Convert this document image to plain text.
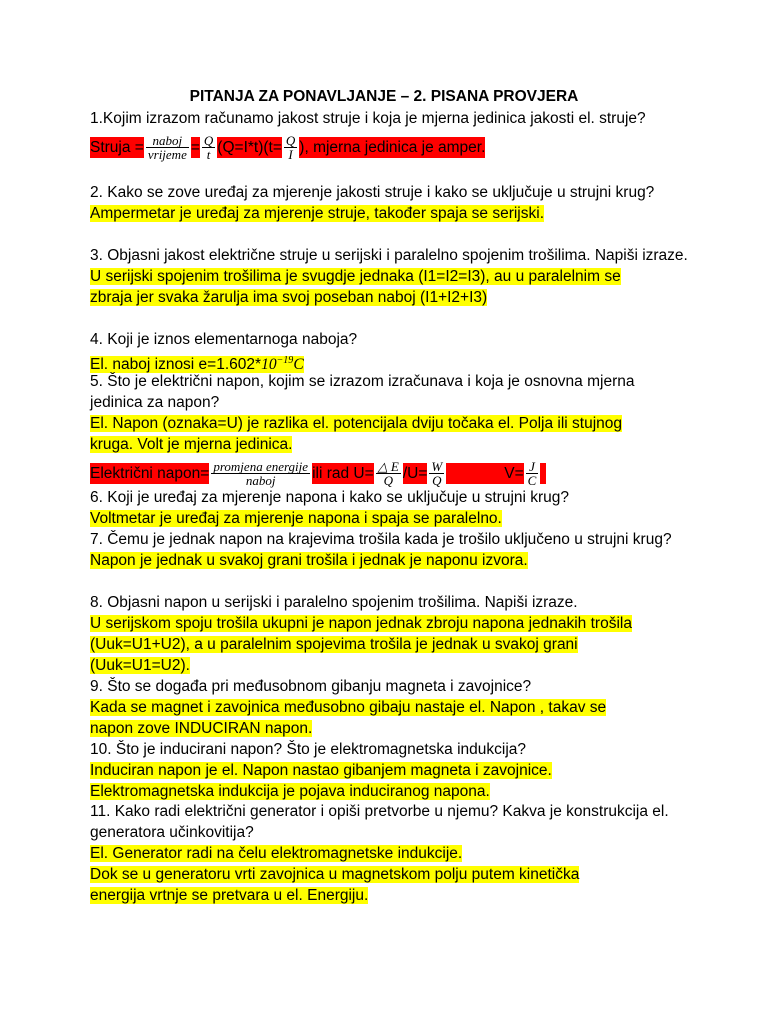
PITANJA ZA PONAVLJANJE – 2. PISANA PROVJERA

1.Kojim izrazom računamo jakost struje i koja je mjerna jedinica jakosti el. struje?

Struja = $\frac{\text{naboj}}{\text{vrijeme}} = \frac{Q}{t} (Q=I*t)(t= \frac{Q}{I}$ ), mjerna jedinica je amper.

2. Kako se zove uređaj za mjerenje jakosti struje i kako se uključuje u strujni krug?

Ampermetar je uređaj za mjerenje struje, također spaja se serijski.

3. Objasni jakost električne struje u serijski i paralelno spojenim trošilima. Napiši izraze.

U serijski spojenim trošilima je svugdje jednaka (I1=I2=I3), au u paralelnim se

zbraja jer svaka žarulja ima svoj poseban naboj (I1+I2+I3)

4. Koji je iznos elementarnoga naboja?

El. naboj iznosi $e=1.602*10^{-19}C$

5. Što je električni napon, kojim se izrazom izračunava i koja je osnovna mjerna jedinica za napon?

El. Napon (oznaka=U) je razlika el. potencijala dviju točaka el. Polja ili stujnog

kruga. Volt je mjerna jedinica.

Električni napon= $\frac{\text{promjena energije}}{\text{naboj}}$ ili rad $U= \frac{\triangle E}{Q} /U= \frac{W}{Q}$	$V= \frac{J}{C}$

6. Koji je uređaj za mjerenje napona i kako se uključuje u strujni krug?

Voltmetar je uređaj za mjerenje napona i spaja se paralelno.

7. Čemu je jednak napon na krajevima trošila kada je trošilo uključeno u strujni krug?

Napon je jednak u svakoj grani trošila i jednak je naponu izvora.

8. Objasni napon u serijski i paralelno spojenim trošilima. Napiši izraze.

U serijskom spoju trošila ukupni je napon jednak zbroju napona jednakih trošila

(Uuk=U1+U2), a u paralelnim spojevima trošila je jednak u svakoj grani

(Uuk=U1=U2).

9. Što se događa pri međusobnom gibanju magneta i zavojnice?

Kada se magnet i zavojnica međusobno gibaju nastaje el. Napon , takav se

napon zove INDUCIRAN napon.

10. Što je inducirani napon? Što je elektromagnetska indukcija?

Induciran napon je el. Napon nastao gibanjem magneta i zavojnice.

Elektromagnetska indukcija je pojava induciranog napona.

11. Kako radi električni generator i opiši pretvorbe u njemu? Kakva je konstrukcija el. generatora učinkovitija?

El. Generator radi na čelu elektromagnetske indukcije.

Dok se u generatoru vrti zavojnica u magnetskom polju putem kinetička

energija vrtnje se pretvara u el. Energiju.
